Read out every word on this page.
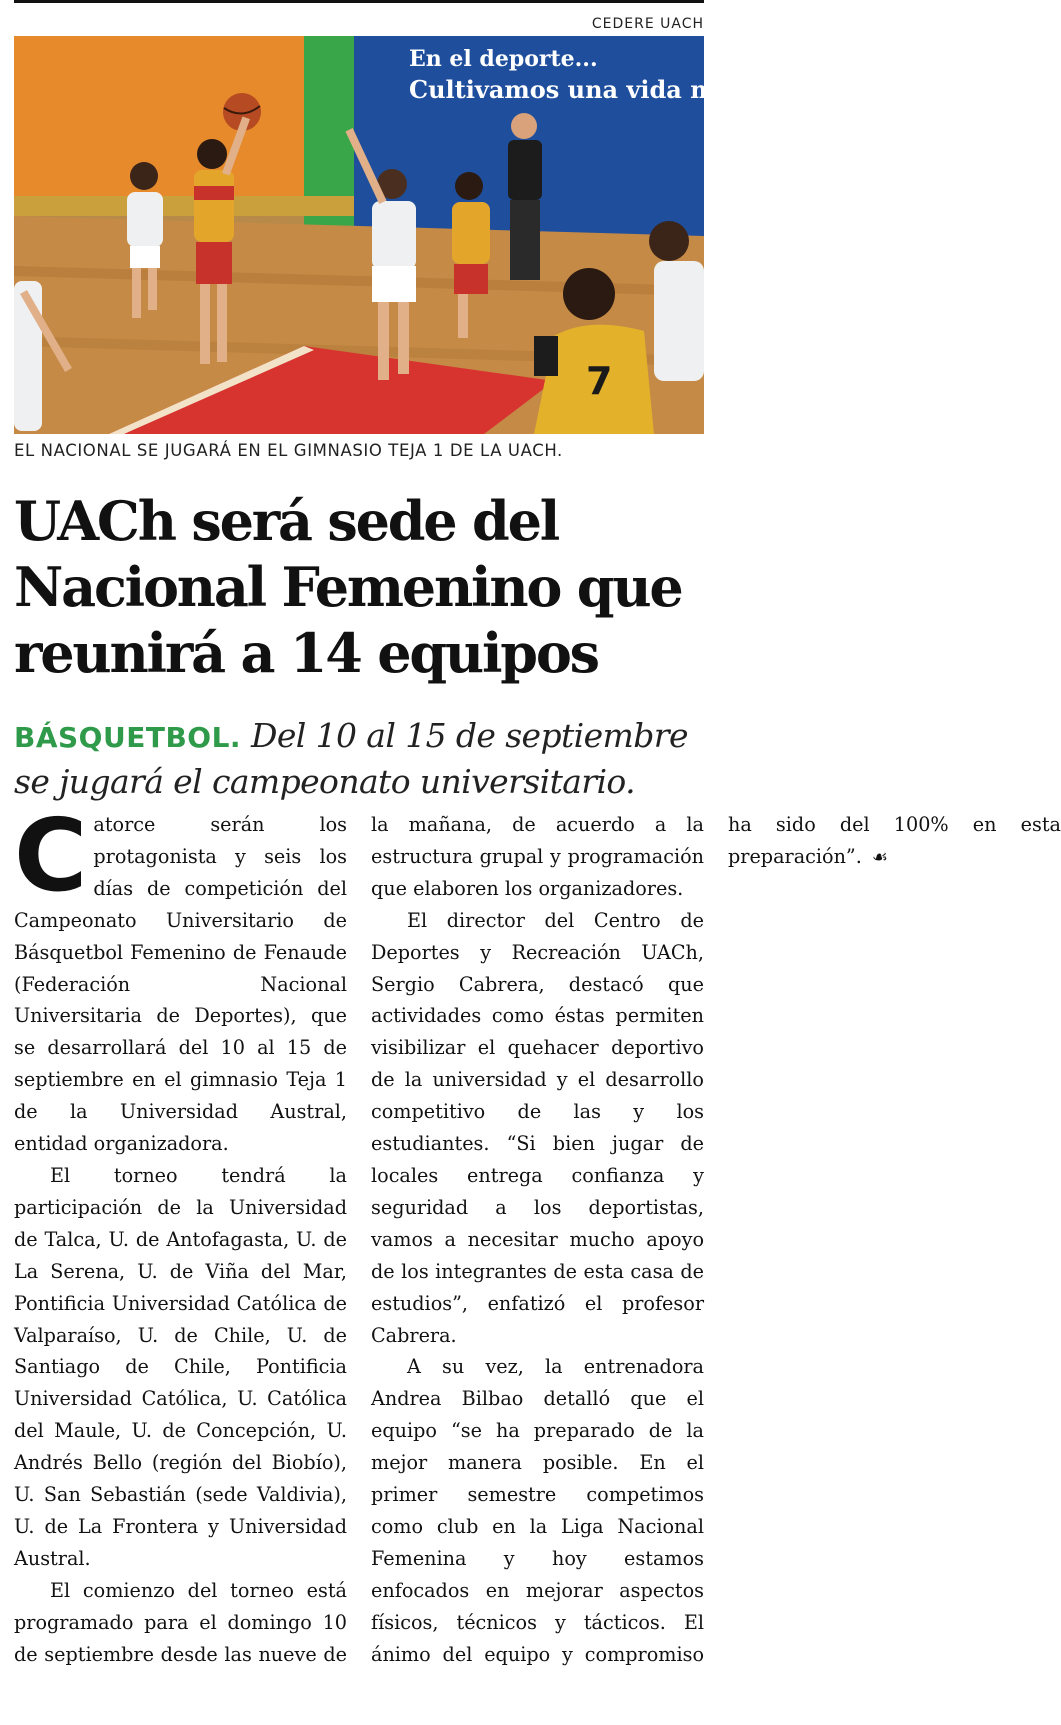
CEDERE UACH
En el deporte...
Cultivamos una vida me
7
EL NACIONAL SE JUGARÁ EN EL GIMNASIO TEJA 1 DE LA UACH.
UACh será sede del
Nacional Femenino que
reunirá a 14 equipos
BÁSQUETBOL. Del 10 al 15 de septiembre se jugará el campeonato universitario.

Catorce serán los protagonista y seis los días de competición del Campeonato Universitario de Básquetbol Femenino de Fenaude (Federación Nacional Universitaria de Deportes), que se desarrollará del 10 al 15 de septiembre en el gimnasio Teja 1 de la Universidad Austral, entidad organizadora.

El torneo tendrá la participación de la Universidad de Talca, U. de Antofagasta, U. de La Serena, U. de Viña del Mar, Pontificia Universidad Católica de Valparaíso, U. de Chile, U. de Santiago de Chile, Pontificia Universidad Católica, U. Católica del Maule, U. de Concepción, U. Andrés Bello (región del Biobío), U. San Sebastián (sede Valdivia), U. de La Frontera y Universidad Austral.

El comienzo del torneo está programado para el domingo 10 de septiembre desde las nueve de la mañana, de acuerdo a la estructura grupal y programación que elaboren los organizadores.

El director del Centro de Deportes y Recreación UACh, Sergio Cabrera, destacó que actividades como éstas permiten visibilizar el quehacer deportivo de la universidad y el desarrollo competitivo de las y los estudiantes. “Si bien jugar de locales entrega confianza y seguridad a los deportistas, vamos a necesitar mucho apoyo de los integrantes de esta casa de estudios”, enfatizó el profesor Cabrera.

A su vez, la entrenadora Andrea Bilbao detalló que el equipo “se ha preparado de la mejor manera posible. En el primer semestre competimos como club en la Liga Nacional Femenina y hoy estamos enfocados en mejorar aspectos físicos, técnicos y tácticos. El ánimo del equipo y compromiso ha sido del 100% en esta preparación”. ☙
